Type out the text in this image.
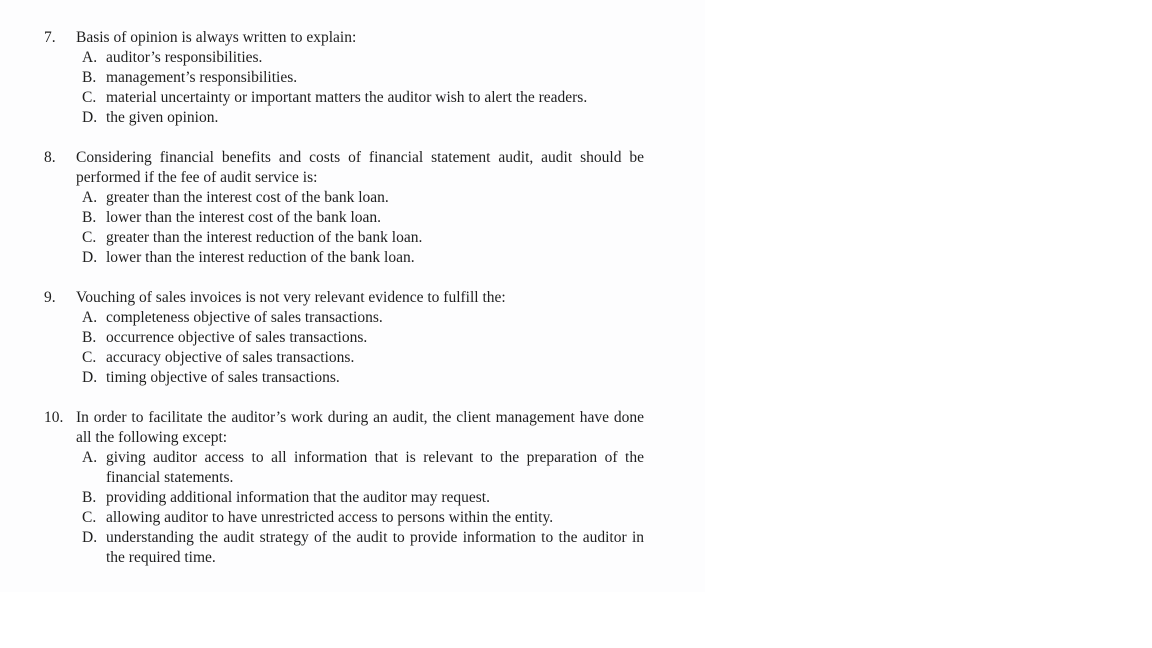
7.	Basis of opinion is always written to explain:
A. auditor’s responsibilities.
B. management’s responsibilities.
C. material uncertainty or important matters the auditor wish to alert the readers.
D. the given opinion.
8.	Considering financial benefits and costs of financial statement audit, audit should be performed if the fee of audit service is:
A. greater than the interest cost of the bank loan.
B. lower than the interest cost of the bank loan.
C. greater than the interest reduction of the bank loan.
D. lower than the interest reduction of the bank loan.
9.	Vouching of sales invoices is not very relevant evidence to fulfill the:
A. completeness objective of sales transactions.
B. occurrence objective of sales transactions.
C. accuracy objective of sales transactions.
D. timing objective of sales transactions.
10. In order to facilitate the auditor’s work during an audit, the client management have done all the following except:
A. giving auditor access to all information that is relevant to the preparation of the financial statements.
B. providing additional information that the auditor may request.
C. allowing auditor to have unrestricted access to persons within the entity.
D. understanding the audit strategy of the audit to provide information to the auditor in the required time.
